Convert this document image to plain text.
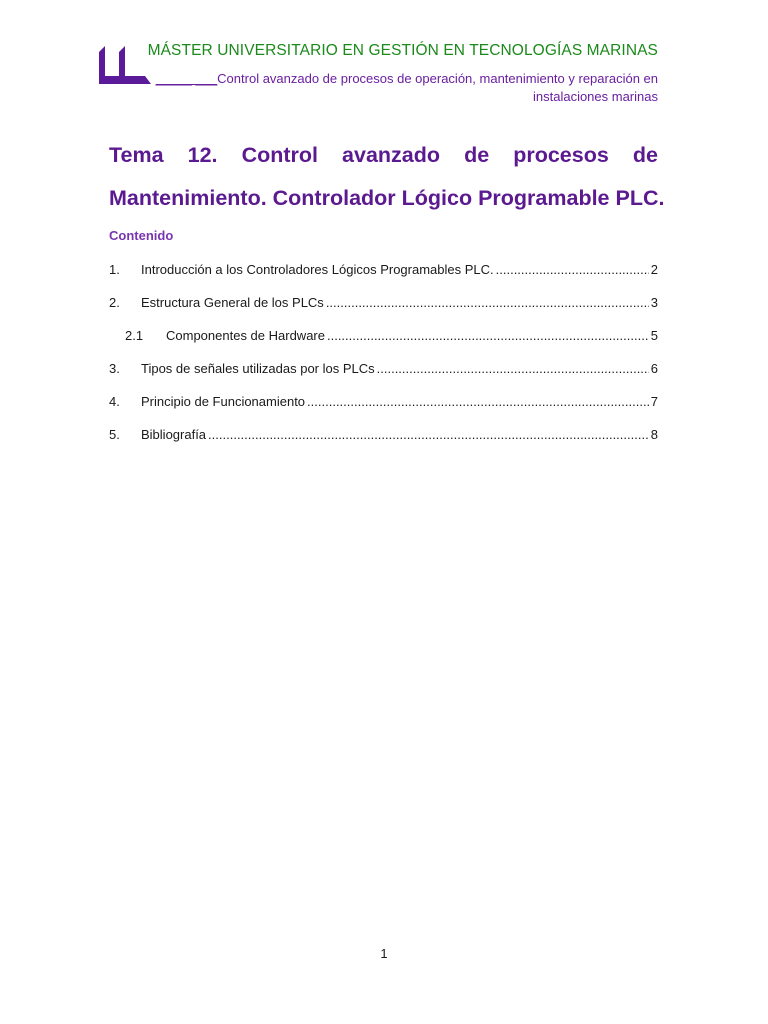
MÁSTER UNIVERSITARIO EN GESTIÓN EN TECNOLOGÍAS MARINAS
_____ ___Control avanzado de procesos de operación, mantenimiento y reparación en instalaciones marinas
Tema 12. Control avanzado de procesos de
Mantenimiento. Controlador Lógico Programable PLC.
Contenido
1.	Introducción a los Controladores Lógicos Programables PLC. .....	2
2.	Estructura General de los PLCs .....	3
2.1	Componentes de Hardware .....	5
3.	Tipos de señales utilizadas por los PLCs .....	6
4.	Principio de Funcionamiento .....	7
5.	Bibliografía .....	8
1
